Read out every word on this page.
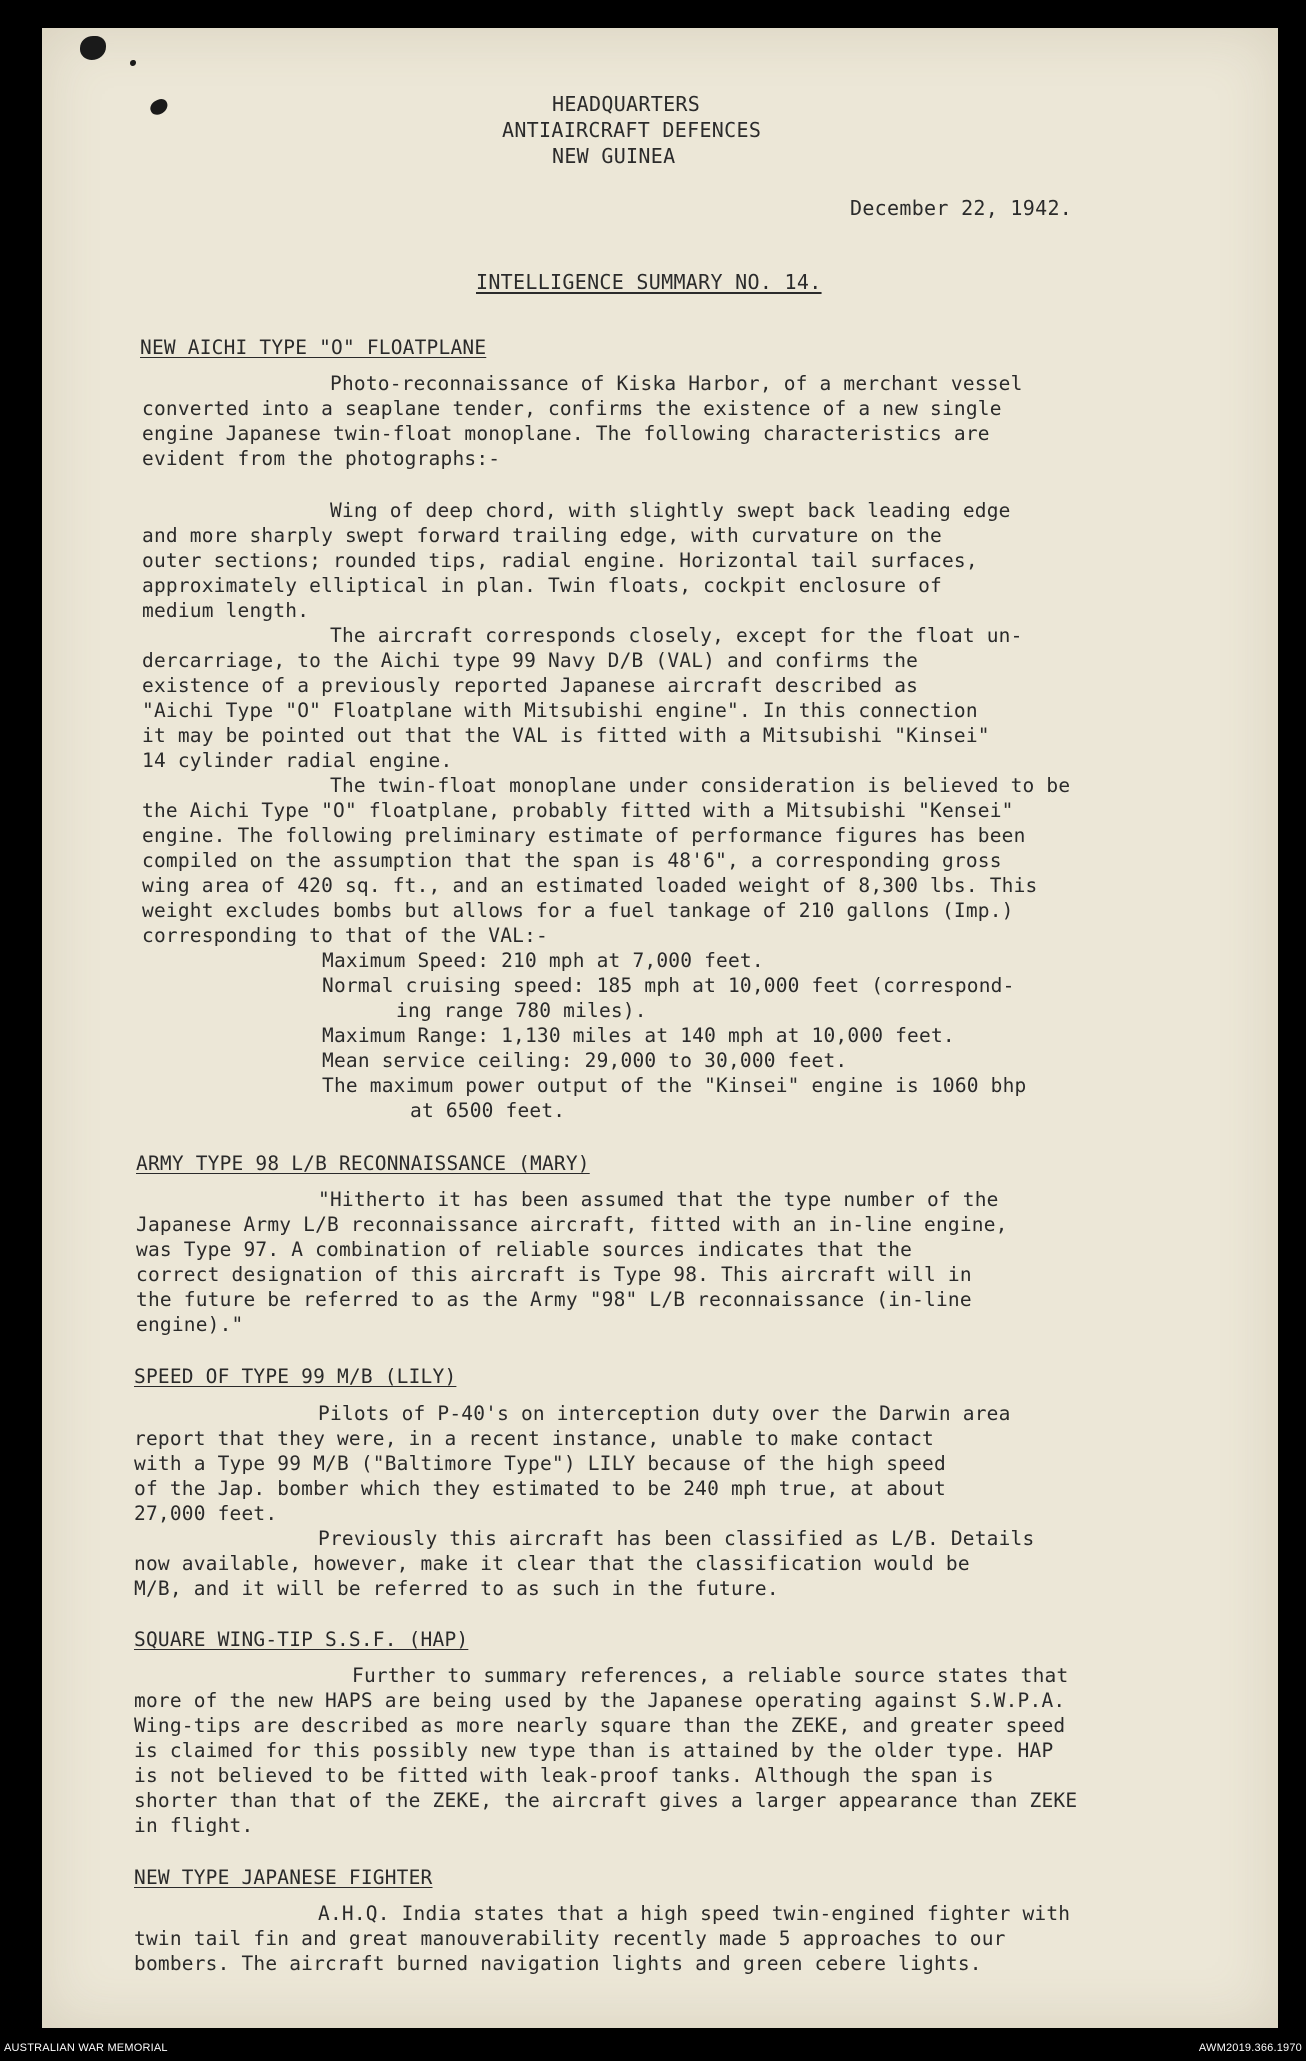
HEADQUARTERS
ANTIAIRCRAFT DEFENCES
NEW GUINEA
December 22, 1942.
INTELLIGENCE SUMMARY NO. 14.
NEW AICHI TYPE "O" FLOATPLANE
Photo-reconnaissance of Kiska Harbor, of a merchant vessel
converted into a seaplane tender, confirms the existence of a new single
engine Japanese twin-float monoplane. The following characteristics are
evident from the photographs:-
Wing of deep chord, with slightly swept back leading edge
and more sharply swept forward trailing edge, with curvature on the
outer sections; rounded tips, radial engine. Horizontal tail surfaces,
approximately elliptical in plan. Twin floats, cockpit enclosure of
medium length.
The aircraft corresponds closely, except for the float un-
dercarriage, to the Aichi type 99 Navy D/B (VAL) and confirms the
existence of a previously reported Japanese aircraft described as
"Aichi Type "O" Floatplane with Mitsubishi engine". In this connection
it may be pointed out that the VAL is fitted with a Mitsubishi "Kinsei"
14 cylinder radial engine.
The twin-float monoplane under consideration is believed to be
the Aichi Type "O" floatplane, probably fitted with a Mitsubishi "Kensei"
engine. The following preliminary estimate of performance figures has been
compiled on the assumption that the span is 48'6", a corresponding gross
wing area of 420 sq. ft., and an estimated loaded weight of 8,300 lbs. This
weight excludes bombs but allows for a fuel tankage of 210 gallons (Imp.)
corresponding to that of the VAL:-
Maximum Speed: 210 mph at 7,000 feet.
Normal cruising speed: 185 mph at 10,000 feet (correspond-
ing range 780 miles).
Maximum Range: 1,130 miles at 140 mph at 10,000 feet.
Mean service ceiling: 29,000 to 30,000 feet.
The maximum power output of the "Kinsei" engine is 1060 bhp
at 6500 feet.
ARMY TYPE 98 L/B RECONNAISSANCE (MARY)
"Hitherto it has been assumed that the type number of the
Japanese Army L/B reconnaissance aircraft, fitted with an in-line engine,
was Type 97. A combination of reliable sources indicates that the
correct designation of this aircraft is Type 98. This aircraft will in
the future be referred to as the Army "98" L/B reconnaissance (in-line
engine)."
SPEED OF TYPE 99 M/B (LILY)
Pilots of P-40's on interception duty over the Darwin area
report that they were, in a recent instance, unable to make contact
with a Type 99 M/B ("Baltimore Type") LILY because of the high speed
of the Jap. bomber which they estimated to be 240 mph true, at about
27,000 feet.
Previously this aircraft has been classified as L/B. Details
now available, however, make it clear that the classification would be
M/B, and it will be referred to as such in the future.
SQUARE WING-TIP S.S.F. (HAP)
Further to summary references, a reliable source states that
more of the new HAPS are being used by the Japanese operating against S.W.P.A.
Wing-tips are described as more nearly square than the ZEKE, and greater speed
is claimed for this possibly new type than is attained by the older type. HAP
is not believed to be fitted with leak-proof tanks. Although the span is
shorter than that of the ZEKE, the aircraft gives a larger appearance than ZEKE
in flight.
NEW TYPE JAPANESE FIGHTER
A.H.Q. India states that a high speed twin-engined fighter with
twin tail fin and great manouverability recently made 5 approaches to our
bombers. The aircraft burned navigation lights and green cebere lights.
AUSTRALIAN WAR MEMORIAL	AWM2019.366.1970
